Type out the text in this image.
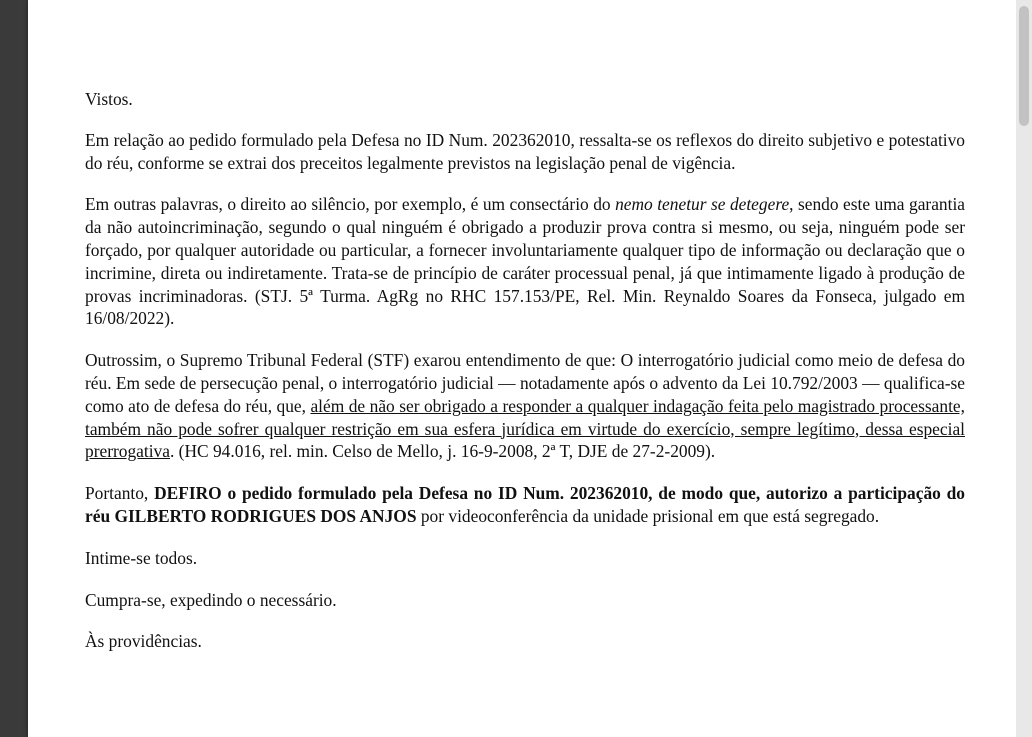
Vistos.

Em relação ao pedido formulado pela Defesa no ID Num. 202362010, ressalta-se os reflexos do direito subjetivo e potestativo do réu, conforme se extrai dos preceitos legalmente previstos na legislação penal de vigência.

Em outras palavras, o direito ao silêncio, por exemplo, é um consectário do nemo tenetur se detegere, sendo este uma garantia da não autoincriminação, segundo o qual ninguém é obrigado a produzir prova contra si mesmo, ou seja, ninguém pode ser forçado, por qualquer autoridade ou particular, a fornecer involuntariamente qualquer tipo de informação ou declaração que o incrimine, direta ou indiretamente. Trata-se de princípio de caráter processual penal, já que intimamente ligado à produção de provas incriminadoras. (STJ. 5ª Turma. AgRg no RHC 157.153/PE, Rel. Min. Reynaldo Soares da Fonseca, julgado em 16/08/2022).

Outrossim, o Supremo Tribunal Federal (STF) exarou entendimento de que: O interrogatório judicial como meio de defesa do réu. Em sede de persecução penal, o interrogatório judicial — notadamente após o advento da Lei 10.792/2003 — qualifica-se como ato de defesa do réu, que, além de não ser obrigado a responder a qualquer indagação feita pelo magistrado processante, também não pode sofrer qualquer restrição em sua esfera jurídica em virtude do exercício, sempre legítimo, dessa especial prerrogativa. (HC 94.016, rel. min. Celso de Mello, j. 16-9-2008, 2ª T, DJE de 27-2-2009).

Portanto, DEFIRO o pedido formulado pela Defesa no ID Num. 202362010, de modo que, autorizo a participação do réu GILBERTO RODRIGUES DOS ANJOS por videoconferência da unidade prisional em que está segregado.

Intime-se todos.

Cumpra-se, expedindo o necessário.

Às providências.
